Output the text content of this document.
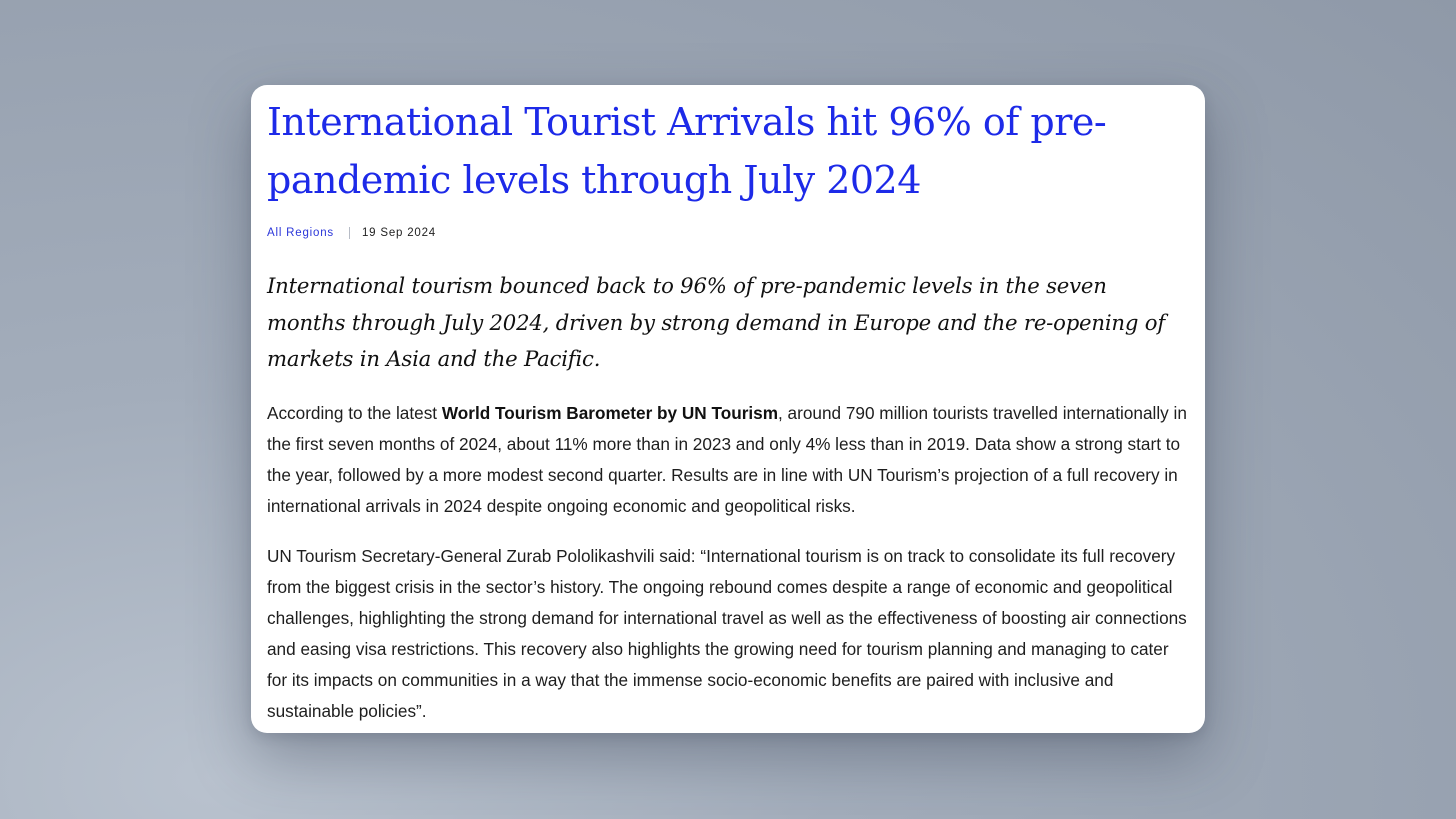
International Tourist Arrivals hit 96% of pre-pandemic levels through July 2024
All Regions 19 Sep 2024

International tourism bounced back to 96% of pre-pandemic levels in the seven months through July 2024, driven by strong demand in Europe and the re-opening of markets in Asia and the Pacific.

According to the latest World Tourism Barometer by UN Tourism, around 790 million tourists travelled internationally in the first seven months of 2024, about 11% more than in 2023 and only 4% less than in 2019. Data show a strong start to the year, followed by a more modest second quarter. Results are in line with UN Tourism’s projection of a full recovery in international arrivals in 2024 despite ongoing economic and geopolitical risks.

UN Tourism Secretary-General Zurab Pololikashvili said: “International tourism is on track to consolidate its full recovery from the biggest crisis in the sector’s history. The ongoing rebound comes despite a range of economic and geopolitical challenges, highlighting the strong demand for international travel as well as the effectiveness of boosting air connections and easing visa restrictions. This recovery also highlights the growing need for tourism planning and managing to cater for its impacts on communities in a way that the immense socio-economic benefits are paired with inclusive and sustainable policies”.
